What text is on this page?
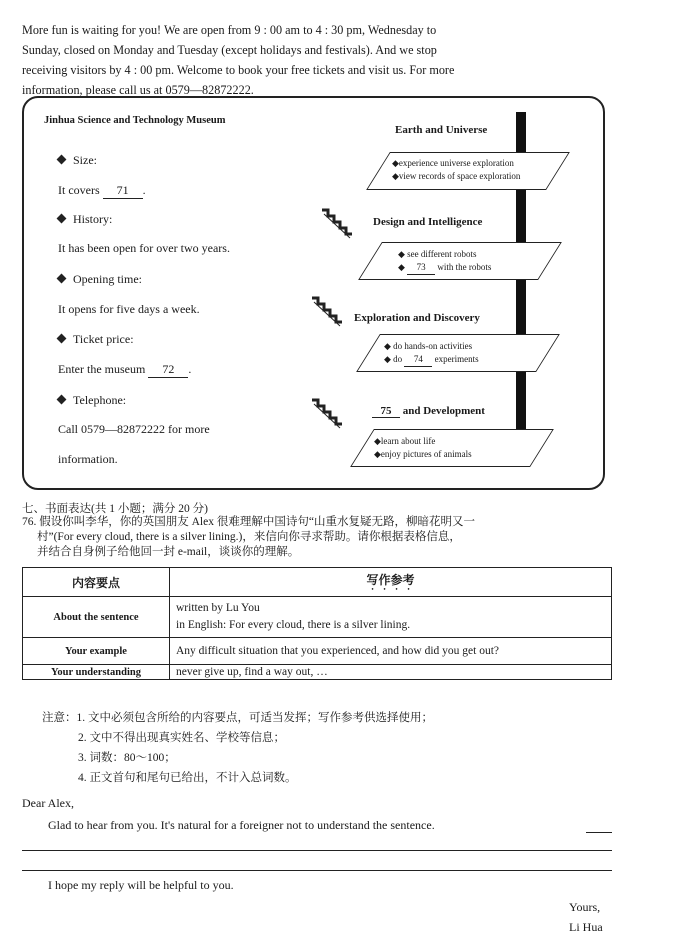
More fun is waiting for you! We are open from 9 : 00 am to 4 : 30 pm, Wednesday to
Sunday, closed on Monday and Tuesday (except holidays and festivals). And we stop
receiving visitors by 4 : 00 pm. Welcome to book your free tickets and visit us. For more
information, please call us at 0579—82872222.
Jinhua Science and Technology Museum
Size:
It covers 71 .
History:
It has been open for over two years.
Opening time:
It opens for five days a week.
Ticket price:
Enter the museum 72 .
Telephone:
Call 0579—82872222 for more
information.
Earth and Universe
◆experience universe exploration
◆view records of space exploration
Design and Intelligence
◆ see different robots
◆ 73 with the robots
Exploration and Discovery
◆ do hands-on activities
◆ do 74 experiments
75 and Development
◆learn about life
◆enjoy pictures of animals
七、书面表达(共 1 小题；满分 20 分)
76. 假设你叫李华，你的英国朋友 Alex 很难理解中国诗句“山重水复疑无路，柳暗花明又一
村”(For every cloud, there is a silver lining.)，来信向你寻求帮助。请你根据表格信息，
并结合自身例子给他回一封 e-mail，谈谈你的理解。
内容要点	写作参考
About the sentence	written by Lu You
in English: For every cloud, there is a silver lining.

Your example	Any difficult situation that you experienced, and how did you get out?
Your understanding	never give up, find a way out, …
注意：1. 文中必须包含所给的内容要点，可适当发挥；写作参考供选择使用；
2. 文中不得出现真实姓名、学校等信息；
3. 词数：80～100；
4. 正文首句和尾句已给出，不计入总词数。
Dear Alex,
Glad to hear from you. It's natural for a foreigner not to understand the sentence.
I hope my reply will be helpful to you.
Yours,
Li Hua
